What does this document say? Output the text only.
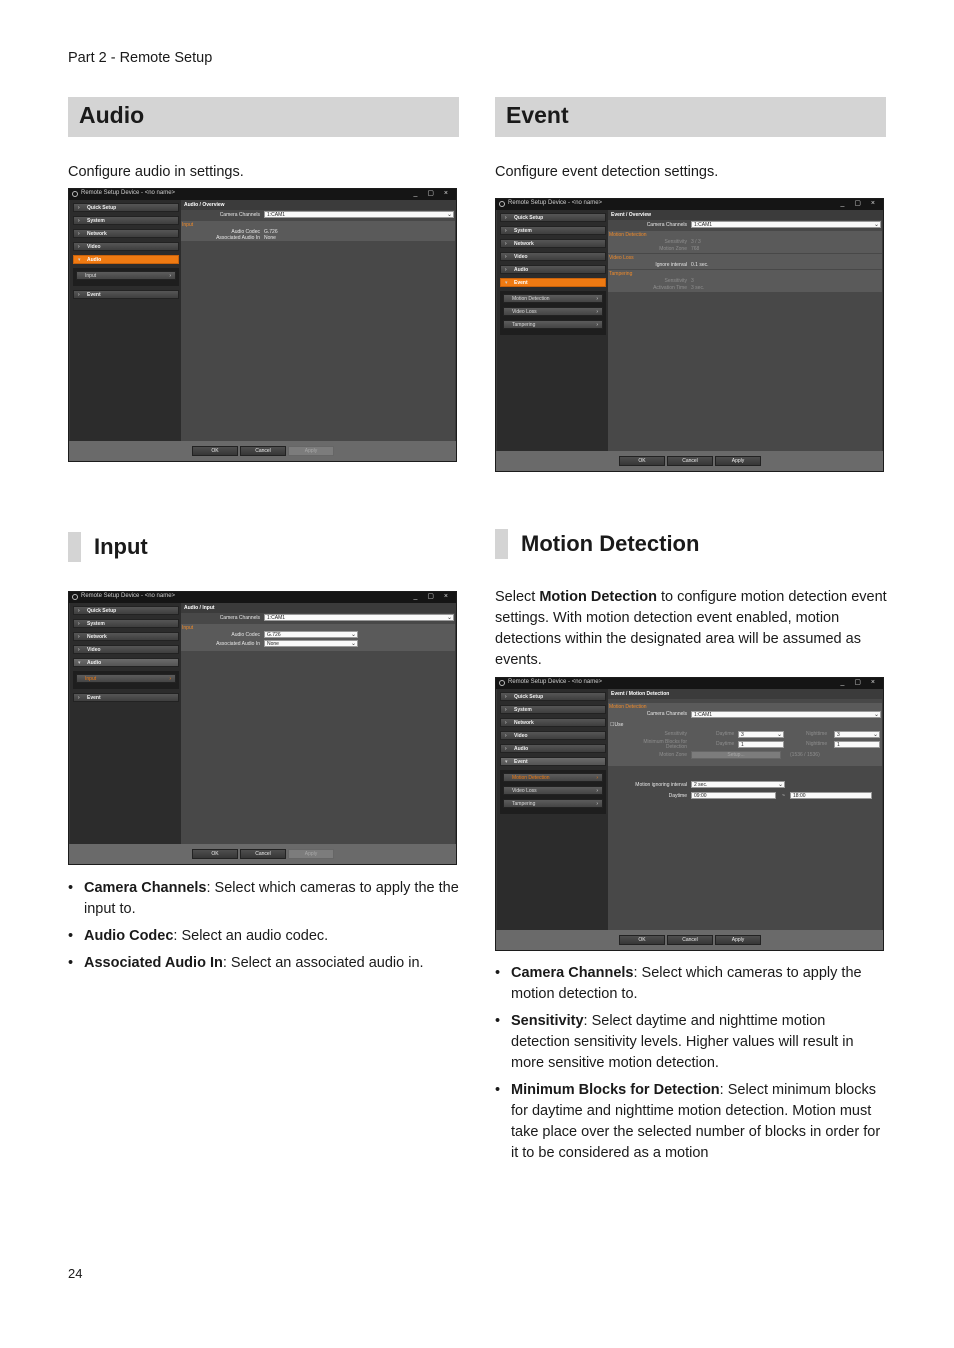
Part 2 - Remote Setup
24
Audio
Configure audio in settings.
Remote Setup Device - <no name>	_ ▢ ×
› Quick Setup
› System
› Network
› Video
▾ Audio
Input	›
› Event
Audio / Overview
Camera Channels	1:CAM1	⌄
Input
Audio Codec G.726
Associated Audio In None
OK	Cancel	Apply
Event
Configure event detection settings.
Remote Setup Device - <no name>	_ ▢ ×
› Quick Setup
› System
› Network
› Video
› Audio
▾ Event
Motion Detection	›
Video Loss	›
Tampering	›
Event / Overview
Camera Channels	1:CAM1	⌄
Motion Detection
Sensitivity 3 / 3
Motion Zone 768
Video Loss
Ignore interval 0.1 sec.
Tampering
Sensitivity 3
Activation Time 3 sec.
OK	Cancel	Apply
Input
Remote Setup Device - <no name>	_ ▢ ×
› Quick Setup
› System
› Network
› Video
▾ Audio
Input	›
› Event
Audio / Input
Camera Channels	1:CAM1	⌄
Input
Audio Codec	G.726	⌄
Associated Audio In	None	⌄
OK	Cancel	Apply
• Camera Channels: Select which cameras to apply the the input to.
• Audio Codec: Select an audio codec.
• Associated Audio In: Select an associated audio in.
Motion Detection
Select Motion Detection to configure motion detection event settings. With motion detection event enabled, motion detections within the designated area will be assumed as events.
Remote Setup Device - <no name>	_ ▢ ×
› Quick Setup
› System
› Network
› Video
› Audio
▾ Event
Motion Detection	›
Video Loss	›
Tampering	›
Event / Motion Detection
Motion Detection
Camera Channels	1:CAM1	⌄
☐Use
Sensitivity	Daytime	3	⌄	Nighttime	3	⌄
Minimum Blocks for Detection	Daytime	1	Nighttime	1
Motion Zone	Setup...	(1536 / 1536)
Motion ignoring interval	2 sec.	⌄
Daytime	09:00	~	18:00
OK	Cancel	Apply
• Camera Channels: Select which cameras to apply the motion detection to.
• Sensitivity: Select daytime and nighttime motion detection sensitivity levels. Higher values will result in more sensitive motion detection.
• Minimum Blocks for Detection: Select minimum blocks for daytime and nighttime motion detection. Motion must take place over the selected number of blocks in order for it to be considered as a motion
